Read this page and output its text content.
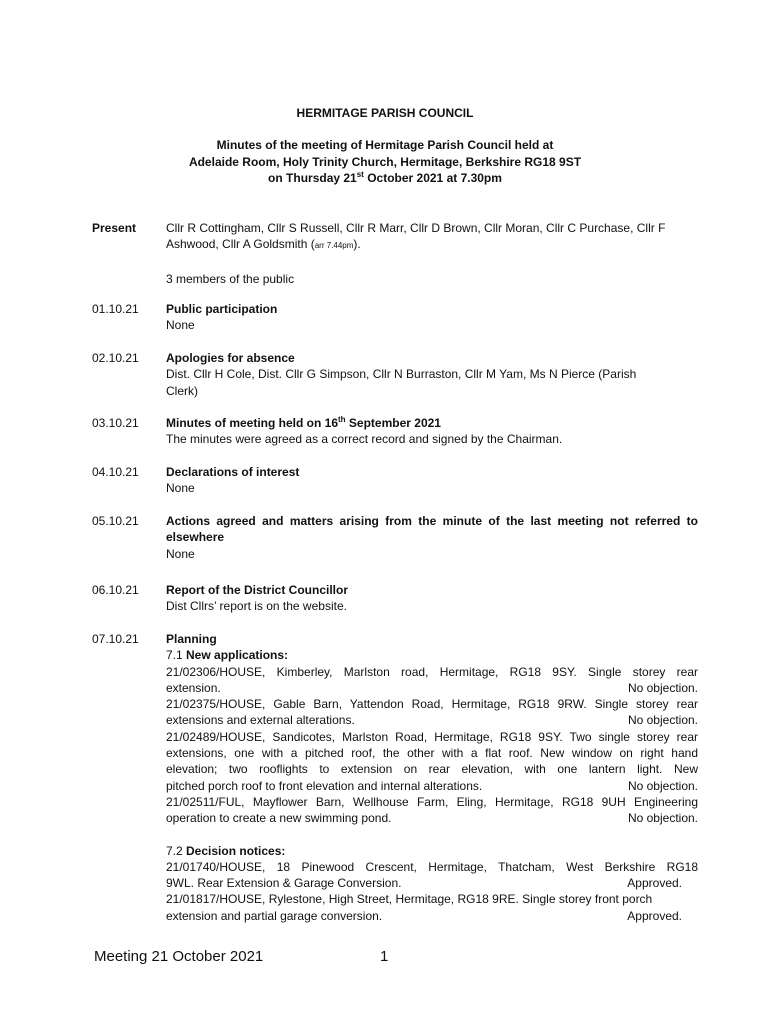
HERMITAGE PARISH COUNCIL
Minutes of the meeting of Hermitage Parish Council held at
Adelaide Room, Holy Trinity Church, Hermitage, Berkshire RG18 9ST
on Thursday 21st October 2021 at 7.30pm
Present	Cllr R Cottingham, Cllr S Russell, Cllr R Marr, Cllr D Brown, Cllr Moran, Cllr C Purchase, Cllr F
Ashwood, Cllr A Goldsmith (arr 7.44pm).
3 members of the public
01.10.21	Public participation
None
02.10.21	Apologies for absence
Dist. Cllr H Cole, Dist. Cllr G Simpson, Cllr N Burraston, Cllr M Yam, Ms N Pierce (Parish
Clerk)
03.10.21	Minutes of meeting held on 16th September 2021
The minutes were agreed as a correct record and signed by the Chairman.
04.10.21	Declarations of interest
None
05.10.21	Actions agreed and matters arising from the minute of the last meeting not referred to
elsewhere
None
06.10.21	Report of the District Councillor
Dist Cllrs’ report is on the website.
07.10.21	Planning
7.1 New applications:
21/02306/HOUSE, Kimberley, Marlston road, Hermitage, RG18 9SY. Single storey rear
extension.	No objection.
21/02375/HOUSE, Gable Barn, Yattendon Road, Hermitage, RG18 9RW. Single storey rear
extensions and external alterations.	No objection.
21/02489/HOUSE, Sandicotes, Marlston Road, Hermitage, RG18 9SY. Two single storey rear
extensions, one with a pitched roof, the other with a flat roof. New window on right hand
elevation; two rooflights to extension on rear elevation, with one lantern light. New
pitched porch roof to front elevation and internal alterations.	No objection.
21/02511/FUL, Mayflower Barn, Wellhouse Farm, Eling, Hermitage, RG18 9UH Engineering
operation to create a new swimming pond.	No objection.
7.2 Decision notices:
21/01740/HOUSE, 18 Pinewood Crescent, Hermitage, Thatcham, West Berkshire RG18
9WL. Rear Extension & Garage Conversion.	Approved.
21/01817/HOUSE, Rylestone, High Street, Hermitage, RG18 9RE. Single storey front porch
extension and partial garage conversion.	Approved.
Meeting 21 October 2021	1
